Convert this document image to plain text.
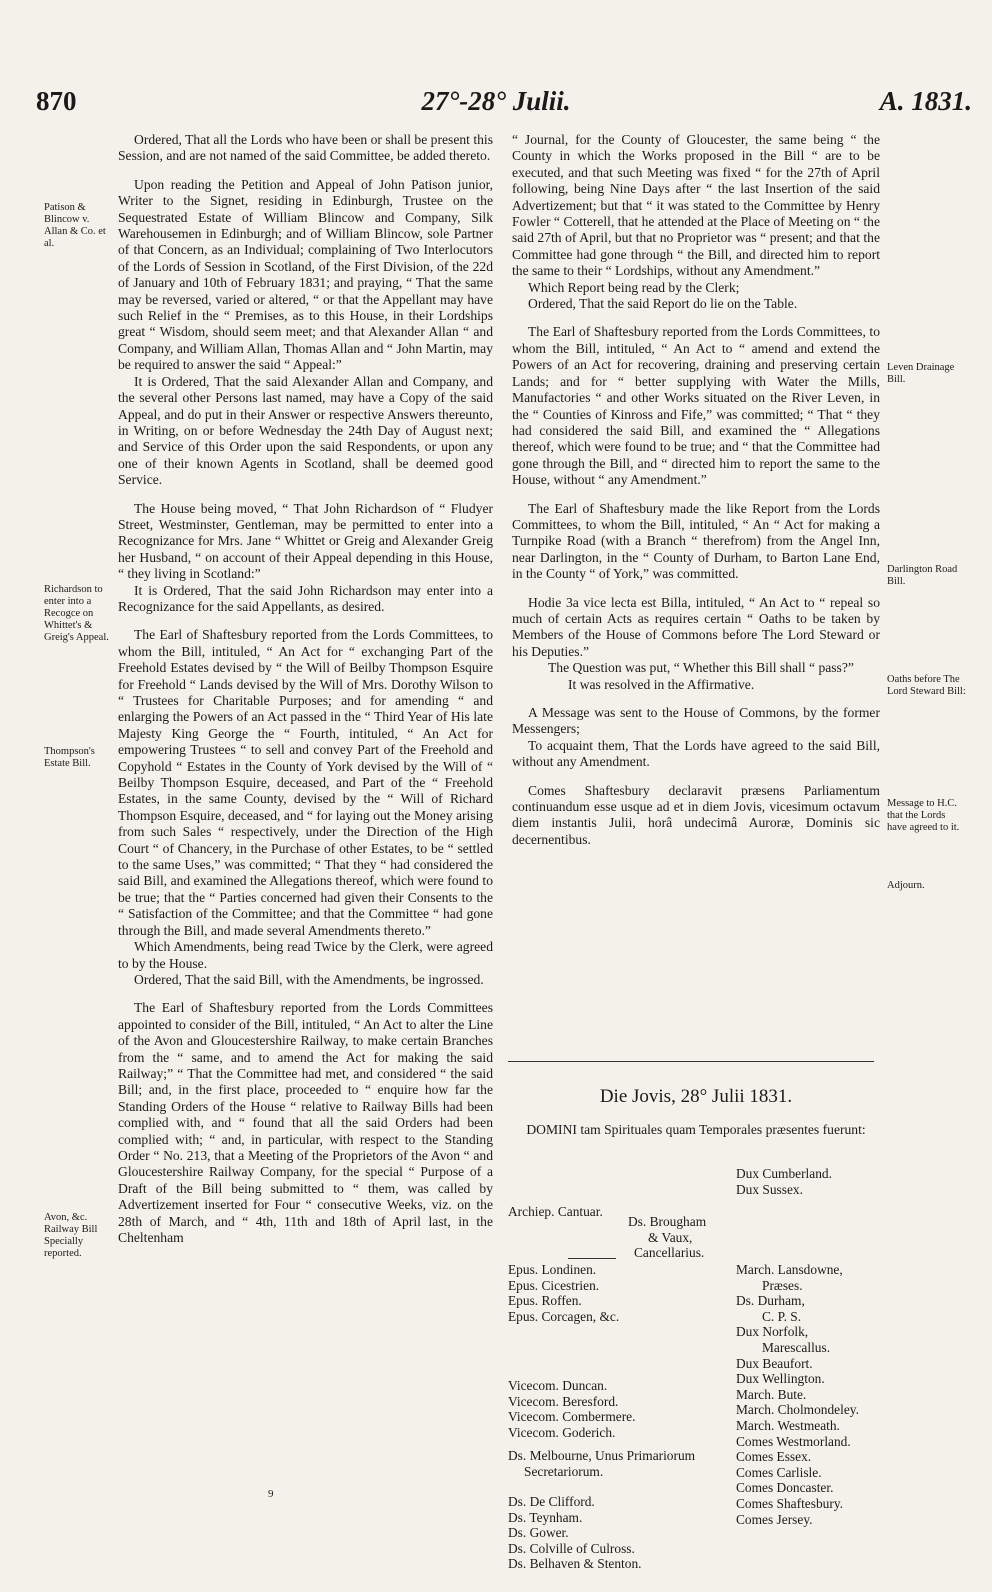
870	27°-28° Julii.	A. 1831.
Patison & Blincow v. Allan & Co. et al.
Richardson to enter into a Recogce on Whittet's & Greig's Appeal.
Thompson's Estate Bill.
Avon, &c. Railway Bill Specially reported.
Leven Drainage Bill.
Darlington Road Bill.
Oaths before The Lord Steward Bill:
Message to H.C. that the Lords have agreed to it.
Adjourn.

Ordered, That all the Lords who have been or shall be present this Session, and are not named of the said Committee, be added thereto.

Upon reading the Petition and Appeal of John Patison junior, Writer to the Signet, residing in Edinburgh, Trustee on the Sequestrated Estate of William Blincow and Company, Silk Warehousemen in Edinburgh; and of William Blincow, sole Partner of that Concern, as an Individual; complaining of Two Interlocutors of the Lords of Session in Scotland, of the First Division, of the 22d of January and 10th of February 1831; and praying, “ That the same may be reversed, varied or altered, “ or that the Appellant may have such Relief in the “ Premises, as to this House, in their Lordships great “ Wisdom, should seem meet; and that Alexander Allan “ and Company, and William Allan, Thomas Allan and “ John Martin, may be required to answer the said “ Appeal:”

It is Ordered, That the said Alexander Allan and Company, and the several other Persons last named, may have a Copy of the said Appeal, and do put in their Answer or respective Answers thereunto, in Writing, on or before Wednesday the 24th Day of August next; and Service of this Order upon the said Respondents, or upon any one of their known Agents in Scotland, shall be deemed good Service.

The House being moved, “ That John Richardson of “ Fludyer Street, Westminster, Gentleman, may be permitted to enter into a Recognizance for Mrs. Jane “ Whittet or Greig and Alexander Greig her Husband, “ on account of their Appeal depending in this House, “ they living in Scotland:”

It is Ordered, That the said John Richardson may enter into a Recognizance for the said Appellants, as desired.

The Earl of Shaftesbury reported from the Lords Committees, to whom the Bill, intituled, “ An Act for “ exchanging Part of the Freehold Estates devised by “ the Will of Beilby Thompson Esquire for Freehold “ Lands devised by the Will of Mrs. Dorothy Wilson to “ Trustees for Charitable Purposes; and for amending “ and enlarging the Powers of an Act passed in the “ Third Year of His late Majesty King George the “ Fourth, intituled, “ An Act for empowering Trustees “ to sell and convey Part of the Freehold and Copyhold “ Estates in the County of York devised by the Will of “ Beilby Thompson Esquire, deceased, and Part of the “ Freehold Estates, in the same County, devised by the “ Will of Richard Thompson Esquire, deceased, and “ for laying out the Money arising from such Sales “ respectively, under the Direction of the High Court “ of Chancery, in the Purchase of other Estates, to be “ settled to the same Uses,” was committed; “ That they “ had considered the said Bill, and examined the Allegations thereof, which were found to be true; that the “ Parties concerned had given their Consents to the “ Satisfaction of the Committee; and that the Committee “ had gone through the Bill, and made several Amendments thereto.”

Which Amendments, being read Twice by the Clerk, were agreed to by the House.

Ordered, That the said Bill, with the Amendments, be ingrossed.

The Earl of Shaftesbury reported from the Lords Committees appointed to consider of the Bill, intituled, “ An Act to alter the Line of the Avon and Gloucestershire Railway, to make certain Branches from the “ same, and to amend the Act for making the said Railway;” “ That the Committee had met, and considered “ the said Bill; and, in the first place, proceeded to “ enquire how far the Standing Orders of the House “ relative to Railway Bills had been complied with, and “ found that all the said Orders had been complied with; “ and, in particular, with respect to the Standing Order “ No. 213, that a Meeting of the Proprietors of the Avon “ and Gloucestershire Railway Company, for the special “ Purpose of a Draft of the Bill being submitted to “ them, was called by Advertizement inserted for Four “ consecutive Weeks, viz. on the 28th of March, and “ 4th, 11th and 18th of April last, in the Cheltenham

“ Journal, for the County of Gloucester, the same being “ the County in which the Works proposed in the Bill “ are to be executed, and that such Meeting was fixed “ for the 27th of April following, being Nine Days after “ the last Insertion of the said Advertizement; but that “ it was stated to the Committee by Henry Fowler “ Cotterell, that he attended at the Place of Meeting on “ the said 27th of April, but that no Proprietor was “ present; and that the Committee had gone through “ the Bill, and directed him to report the same to their “ Lordships, without any Amendment.”

Which Report being read by the Clerk;

Ordered, That the said Report do lie on the Table.

The Earl of Shaftesbury reported from the Lords Committees, to whom the Bill, intituled, “ An Act to “ amend and extend the Powers of an Act for recovering, draining and preserving certain Lands; and for “ better supplying with Water the Mills, Manufactories “ and other Works situated on the River Leven, in the “ Counties of Kinross and Fife,” was committed; “ That “ they had considered the said Bill, and examined the “ Allegations thereof, which were found to be true; and “ that the Committee had gone through the Bill, and “ directed him to report the same to the House, without “ any Amendment.”

The Earl of Shaftesbury made the like Report from the Lords Committees, to whom the Bill, intituled, “ An “ Act for making a Turnpike Road (with a Branch “ therefrom) from the Angel Inn, near Darlington, in the “ County of Durham, to Barton Lane End, in the County “ of York,” was committed.

Hodie 3a vice lecta est Billa, intituled, “ An Act to “ repeal so much of certain Acts as requires certain “ Oaths to be taken by Members of the House of Commons before The Lord Steward or his Deputies.”

The Question was put, “ Whether this Bill shall “ pass?”

It was resolved in the Affirmative.

A Message was sent to the House of Commons, by the former Messengers;

To acquaint them, That the Lords have agreed to the said Bill, without any Amendment.

Comes Shaftesbury declaravit præsens Parliamentum continuandum esse usque ad et in diem Jovis, vicesimum octavum diem instantis Julii, horâ undecimâ Auroræ, Dominis sic decernentibus.

Die Jovis, 28° Julii 1831.
DOMINI tam Spirituales quam Temporales præsentes fuerunt:
Dux Cumberland.
Dux Sussex.
Archiep. Cantuar.
Ds. Brougham
& Vaux,
Cancellarius.
Epus. Londinen.
Epus. Cicestrien.
Epus. Roffen.
Epus. Corcagen, &c.
Vicecom. Duncan.
Vicecom. Beresford.
Vicecom. Combermere.
Vicecom. Goderich.
Ds. Melbourne, Unus Primariorum
Secretariorum.
Ds. De Clifford.
Ds. Teynham.
Ds. Gower.
Ds. Colville of Culross.
Ds. Belhaven & Stenton.
March. Lansdowne,
Præses.
Ds. Durham,
C. P. S.
Dux Norfolk,
Marescallus.
Dux Beaufort.
Dux Wellington.
March. Bute.
March. Cholmondeley.
March. Westmeath.
Comes Westmorland.
Comes Essex.
Comes Carlisle.
Comes Doncaster.
Comes Shaftesbury.
Comes Jersey.
9
